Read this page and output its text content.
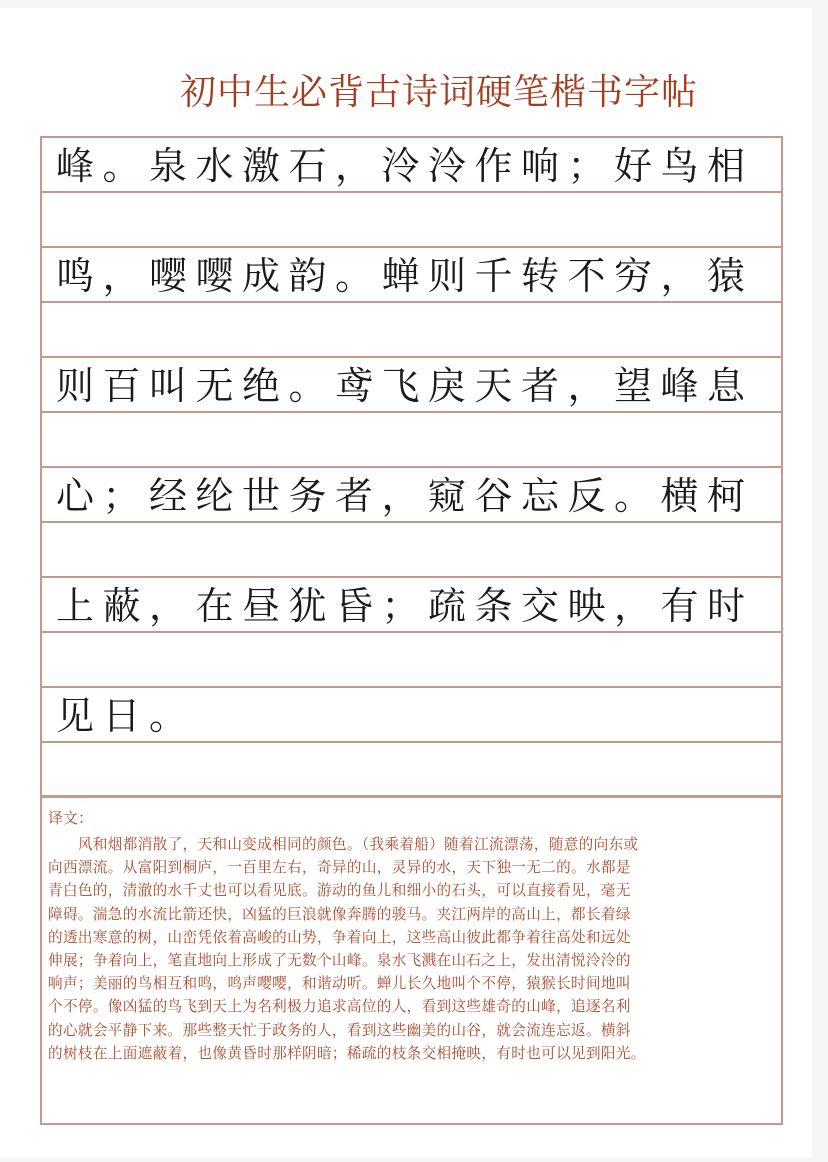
初中生必背古诗词硬笔楷书字帖
峰。泉水激石，泠泠作响；好鸟相
鸣，嘤嘤成韵。蝉则千转不穷，猿
则百叫无绝。鸢飞戾天者，望峰息
心；经纶世务者，窥谷忘反。横柯
上蔽，在昼犹昏；疏条交映，有时
见日。
译文：
　　风和烟都消散了，天和山变成相同的颜色。（我乘着船）随着江流漂荡，随意的向东或
向西漂流。从富阳到桐庐，一百里左右，奇异的山，灵异的水，天下独一无二的。水都是
青白色的，清澈的水千丈也可以看见底。游动的鱼儿和细小的石头，可以直接看见，毫无
障碍。湍急的水流比箭还快，凶猛的巨浪就像奔腾的骏马。夹江两岸的高山上，都长着绿
的透出寒意的树，山峦凭依着高峻的山势，争着向上，这些高山彼此都争着往高处和远处
伸展；争着向上，笔直地向上形成了无数个山峰。泉水飞溅在山石之上，发出清悦泠泠的
响声；美丽的鸟相互和鸣，鸣声嘤嘤，和谐动听。蝉儿长久地叫个不停，猿猴长时间地叫
个不停。像凶猛的鸟飞到天上为名利极力追求高位的人，看到这些雄奇的山峰，追逐名利
的心就会平静下来。那些整天忙于政务的人，看到这些幽美的山谷，就会流连忘返。横斜
的树枝在上面遮蔽着，也像黄昏时那样阴暗；稀疏的枝条交相掩映，有时也可以见到阳光。
